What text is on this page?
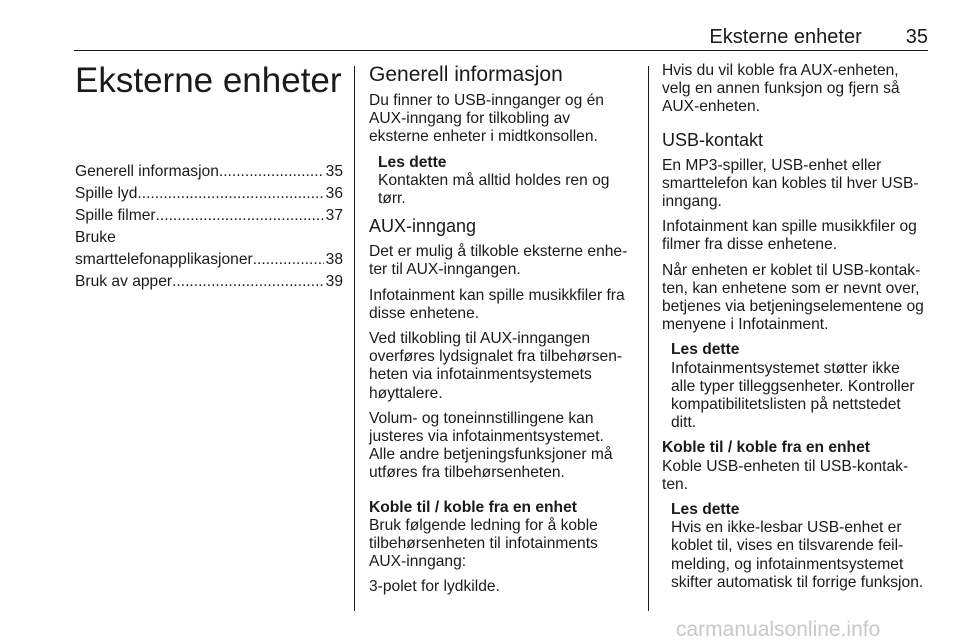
Eksterne enheter 35
Eksterne enheter
Generell informasjon .....	35
Spille lyd .....	36
Spille filmer .....	37
Bruke
smarttelefonapplikasjoner .....	38
Bruk av apper .....	39
Generell informasjon
Du finner to USB-innganger og én AUX-inngang for tilkobling av eksterne enheter i midtkonsollen.
Les dette
Kontakten må alltid holdes ren og tørr.
AUX-inngang
Det er mulig å tilkoble eksterne enhe-ter til AUX-inngangen.
Infotainment kan spille musikkfiler fra disse enhetene.
Ved tilkobling til AUX-inngangen overføres lydsignalet fra tilbehørsen-heten via infotainmentsystemets høyttalere.
Volum- og toneinnstillingene kan justeres via infotainmentsystemet. Alle andre betjeningsfunksjoner må utføres fra tilbehørsenheten.
Koble til / koble fra en enhet
Bruk følgende ledning for å koble tilbehørsenheten til infotainments AUX-inngang:
3-polet for lydkilde.
Hvis du vil koble fra AUX-enheten, velg en annen funksjon og fjern så AUX-enheten.
USB-kontakt
En MP3-spiller, USB-enhet eller smarttelefon kan kobles til hver USB-inngang.
Infotainment kan spille musikkfiler og filmer fra disse enhetene.
Når enheten er koblet til USB-kontak-ten, kan enhetene som er nevnt over, betjenes via betjeningselementene og menyene i Infotainment.
Les dette
Infotainmentsystemet støtter ikke alle typer tilleggsenheter. Kontroller kompatibilitetslisten på nettstedet ditt.
Koble til / koble fra en enhet
Koble USB-enheten til USB-kontak-ten.
Les dette
Hvis en ikke-lesbar USB-enhet er koblet til, vises en tilsvarende feil-melding, og infotainmentsystemet skifter automatisk til forrige funksjon.
carmanualsonline.info
